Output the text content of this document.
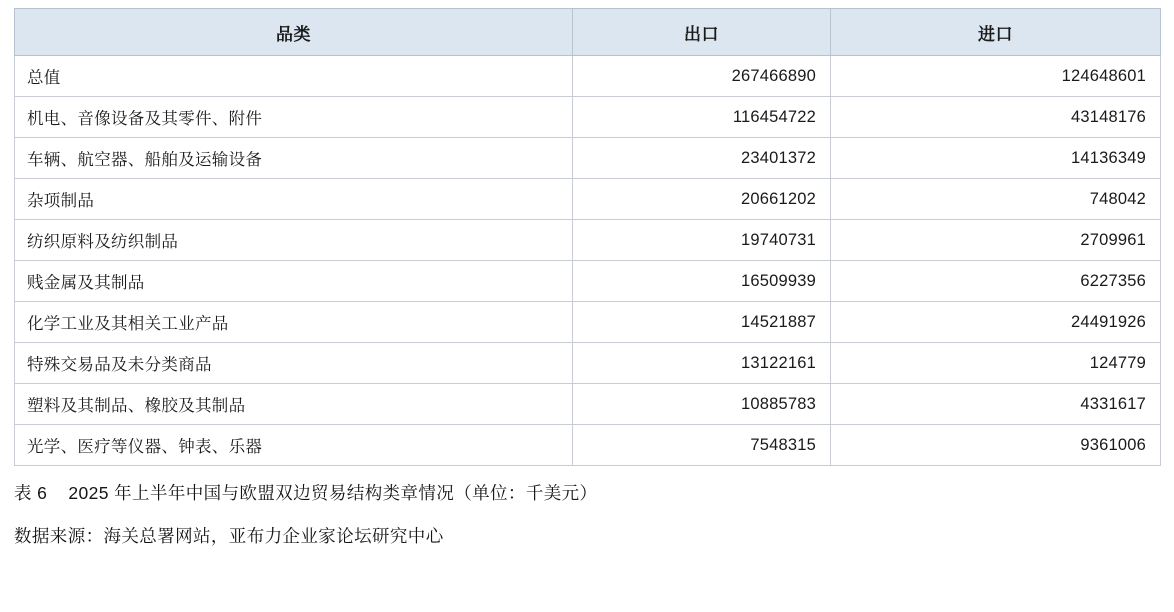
品类	出口	进口
总值	267466890	124648601
机电、音像设备及其零件、附件	116454722	43148176
车辆、航空器、船舶及运输设备	23401372	14136349
杂项制品	20661202	748042
纺织原料及纺织制品	19740731	2709961
贱金属及其制品	16509939	6227356
化学工业及其相关工业产品	14521887	24491926
特殊交易品及未分类商品	13122161	124779
塑料及其制品、橡胶及其制品	10885783	4331617
光学、医疗等仪器、钟表、乐器	7548315	9361006
表 6    2025 年上半年中国与欧盟双边贸易结构类章情况（单位：千美元）
数据来源：海关总署网站，亚布力企业家论坛研究中心
